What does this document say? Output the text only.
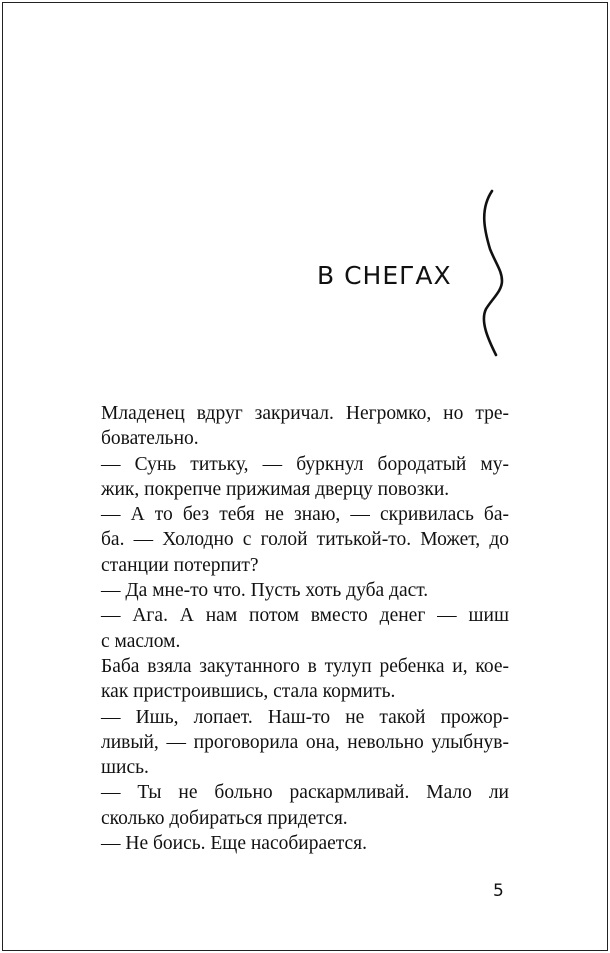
В СНЕГАХ

Младенец вдруг закричал. Негромко, но тре-
бовательно.

— Сунь титьку, — буркнул бородатый му-
жик, покрепче прижимая дверцу повозки.

— А то без тебя не знаю, — скривилась ба-
ба. — Холодно с голой титькой-то. Может, до
станции потерпит?

— Да мне-то что. Пусть хоть дуба даст.

— Ага. А нам потом вместо денег — шиш
с маслом.

Баба взяла закутанного в тулуп ребенка и, кое-
как пристроившись, стала кормить.

— Ишь, лопает. Наш-то не такой прожор-
ливый, — проговорила она, невольно улыбнув-
шись.

— Ты не больно раскармливай. Мало ли
сколько добираться придется.

— Не боись. Еще насобирается.

5
